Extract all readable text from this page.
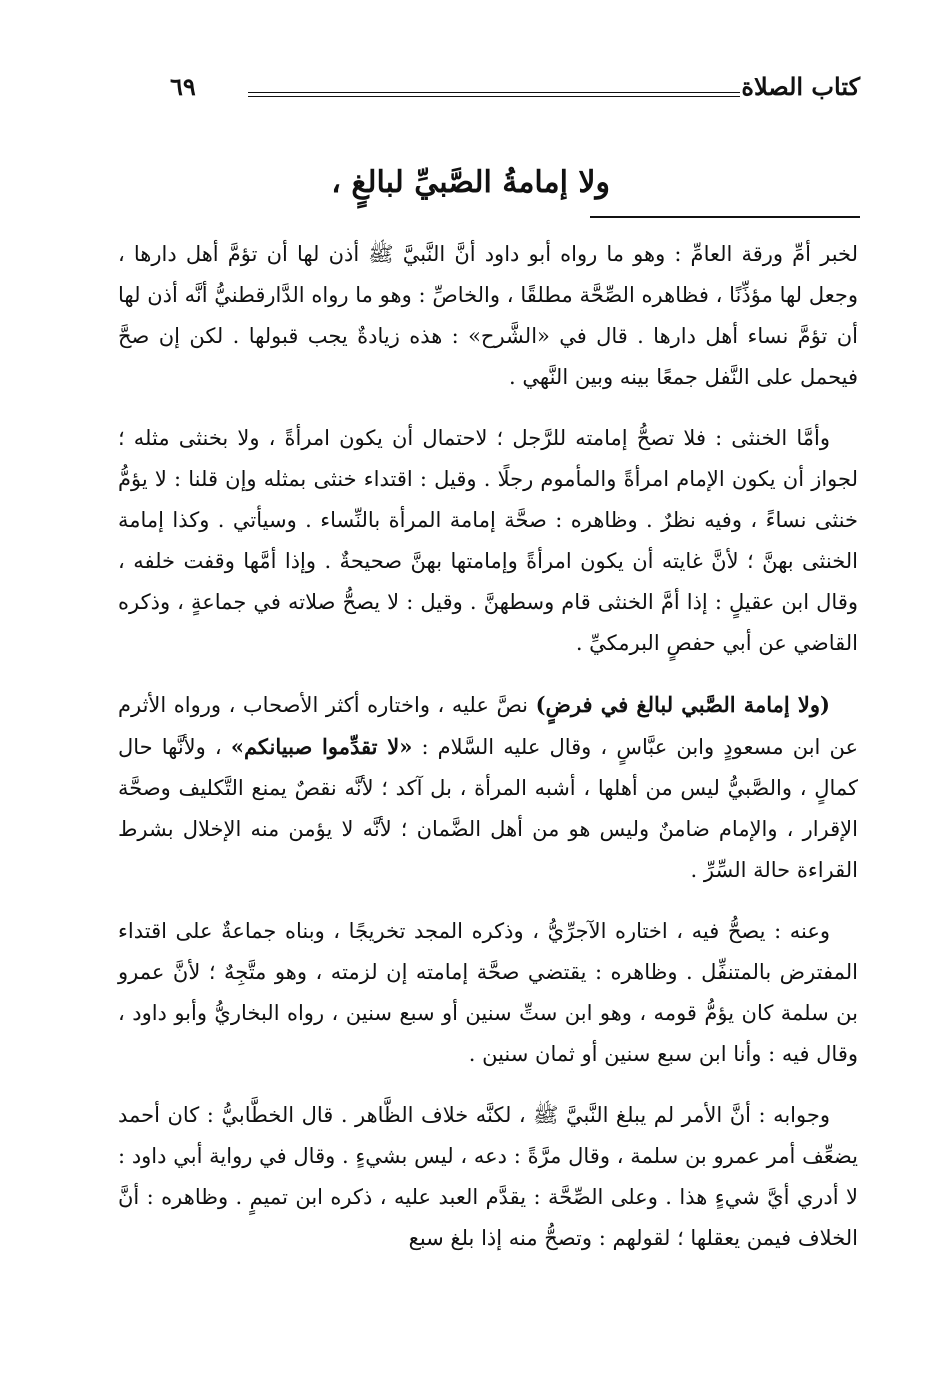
كتاب الصلاة
٦٩
ولا إمامةُ الصَّبيِّ لبالغٍ ،

لخبر أمِّ ورقة العامِّ : وهو ما رواه أبو داود أنَّ النَّبيَّ ﷺ أذن لها أن تؤمَّ أهل دارها ، وجعل لها مؤذِّنًا ، فظاهره الصِّحَّة مطلقًا ، والخاصِّ : وهو ما رواه الدَّارقطنيُّ أنَّه أذن لها أن تؤمَّ نساء أهل دارها . قال في «الشَّرح» : هذه زيادةٌ يجب قبولها . لكن إن صحَّ فيحمل على النَّفل جمعًا بينه وبين النَّهي .

وأمَّا الخنثى : فلا تصحُّ إمامته للرَّجل ؛ لاحتمال أن يكون امرأةً ، ولا بخنثى مثله ؛ لجواز أن يكون الإمام امرأةً والمأموم رجلًا . وقيل : اقتداء خنثى بمثله وإن قلنا : لا يؤمُّ خنثى نساءً ، وفيه نظرٌ . وظاهره : صحَّة إمامة المرأة بالنِّساء . وسيأتي . وكذا إمامة الخنثى بهنَّ ؛ لأنَّ غايته أن يكون امرأةً وإمامتها بهنَّ صحيحةٌ . وإذا أمَّها وقفت خلفه ، وقال ابن عقيلٍ : إذا أمَّ الخنثى قام وسطهنَّ . وقيل : لا يصحُّ صلاته في جماعةٍ ، وذكره القاضي عن أبي حفصٍ البرمكيِّ .

(ولا إمامة الصَّبي لبالغ في فرضٍ) نصَّ عليه ، واختاره أكثر الأصحاب ، ورواه الأثرم عن ابن مسعودٍ وابن عبَّاسٍ ، وقال عليه السَّلام : «لا تقدِّموا صبيانكم» ، ولأنَّها حال كمالٍ ، والصَّبيُّ ليس من أهلها ، أشبه المرأة ، بل آكد ؛ لأنَّه نقصٌ يمنع التَّكليف وصحَّة الإقرار ، والإمام ضامنٌ وليس هو من أهل الضَّمان ؛ لأنَّه لا يؤمن منه الإخلال بشرط القراءة حالة السِّرِّ .

وعنه : يصحُّ فيه ، اختاره الآجرِّيُّ ، وذكره المجد تخريجًا ، وبناه جماعةٌ على اقتداء المفترض بالمتنفِّل . وظاهره : يقتضي صحَّة إمامته إن لزمته ، وهو متَّجِهٌ ؛ لأنَّ عمرو بن سلمة كان يؤمُّ قومه ، وهو ابن ستِّ سنين أو سبع سنين ، رواه البخاريُّ وأبو داود ، وقال فيه : وأنا ابن سبع سنين أو ثمان سنين .

وجوابه : أنَّ الأمر لم يبلغ النَّبيَّ ﷺ ، لكنَّه خلاف الظَّاهر . قال الخطَّابيُّ : كان أحمد يضعِّف أمر عمرو بن سلمة ، وقال مرَّةً : دعه ، ليس بشيءٍ . وقال في رواية أبي داود : لا أدري أيَّ شيءٍ هذا . وعلى الصِّحَّة : يقدَّم العبد عليه ، ذكره ابن تميمٍ . وظاهره : أنَّ الخلاف فيمن يعقلها ؛ لقولهم : وتصحُّ منه إذا بلغ سبع
